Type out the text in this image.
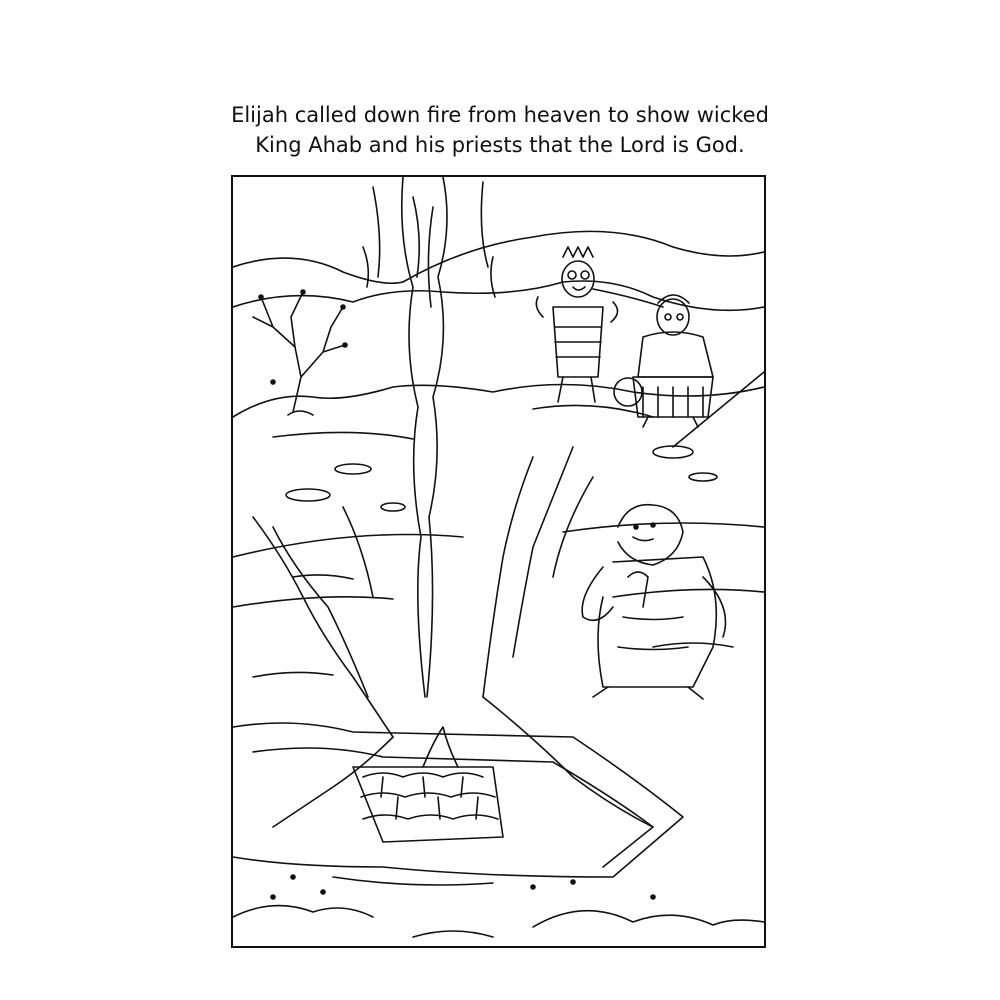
Elijah called down fire from heaven to show wicked
King Ahab and his priests that the Lord is God.
